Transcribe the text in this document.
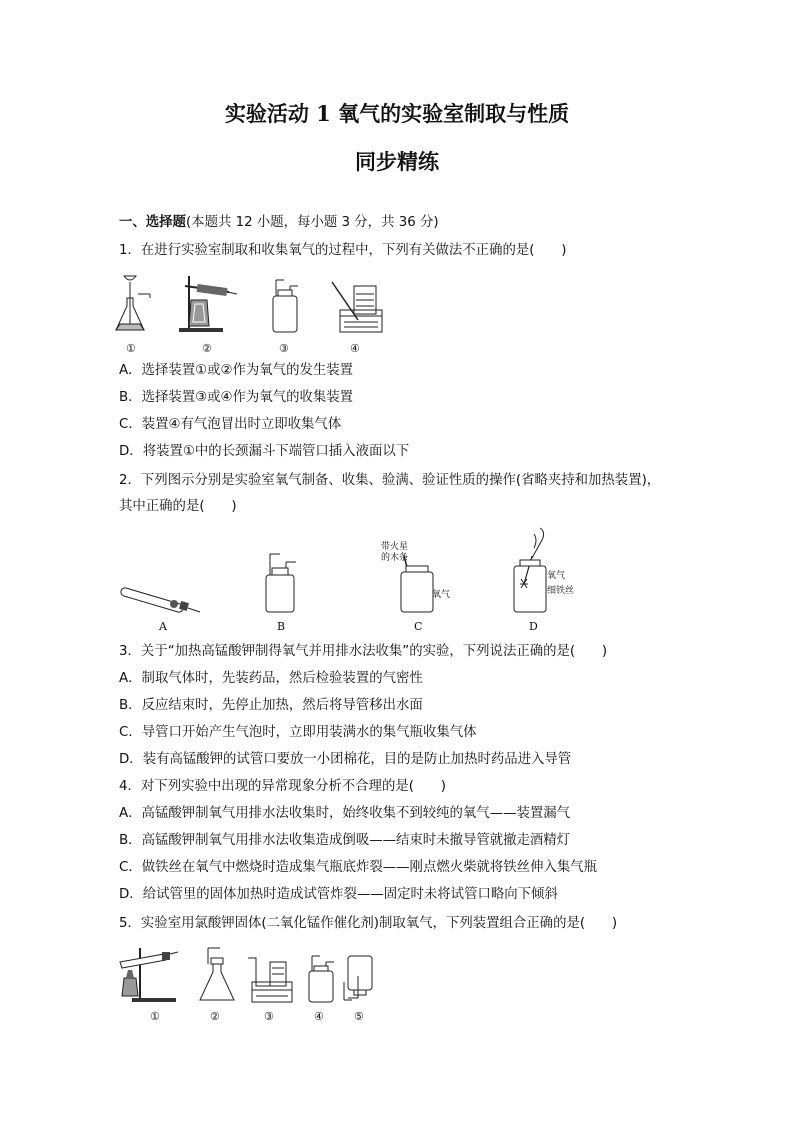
实验活动 1 氧气的实验室制取与性质
同步精练
一、选择题(本题共 12 小题，每小题 3 分，共 36 分)
1．在进行实验室制取和收集氧气的过程中，下列有关做法不正确的是(　　)
①	②	③	④
A．选择装置①或②作为氧气的发生装置
B．选择装置③或④作为氧气的收集装置
C．装置④有气泡冒出时立即收集气体
D．将装置①中的长颈漏斗下端管口插入液面以下
2．下列图示分别是实验室氧气制备、收集、验满、验证性质的操作(省略夹持和加热装置)，
其中正确的是(　　)
带火星
的木条
氧气
氧气
细铁丝
A	B	C	D
3．关于“加热高锰酸钾制得氧气并用排水法收集”的实验，下列说法正确的是(　　)
A．制取气体时，先装药品，然后检验装置的气密性
B．反应结束时，先停止加热，然后将导管移出水面
C．导管口开始产生气泡时，立即用装满水的集气瓶收集气体
D．装有高锰酸钾的试管口要放一小团棉花，目的是防止加热时药品进入导管
4．对下列实验中出现的异常现象分析不合理的是(　　)
A．高锰酸钾制氧气用排水法收集时，始终收集不到较纯的氧气——装置漏气
B．高锰酸钾制氧气用排水法收集造成倒吸——结束时未撤导管就撤走酒精灯
C．做铁丝在氧气中燃烧时造成集气瓶底炸裂——刚点燃火柴就将铁丝伸入集气瓶
D．给试管里的固体加热时造成试管炸裂——固定时未将试管口略向下倾斜
5．实验室用氯酸钾固体(二氧化锰作催化剂)制取氧气，下列装置组合正确的是(　　)
①	②	③	④	⑤
